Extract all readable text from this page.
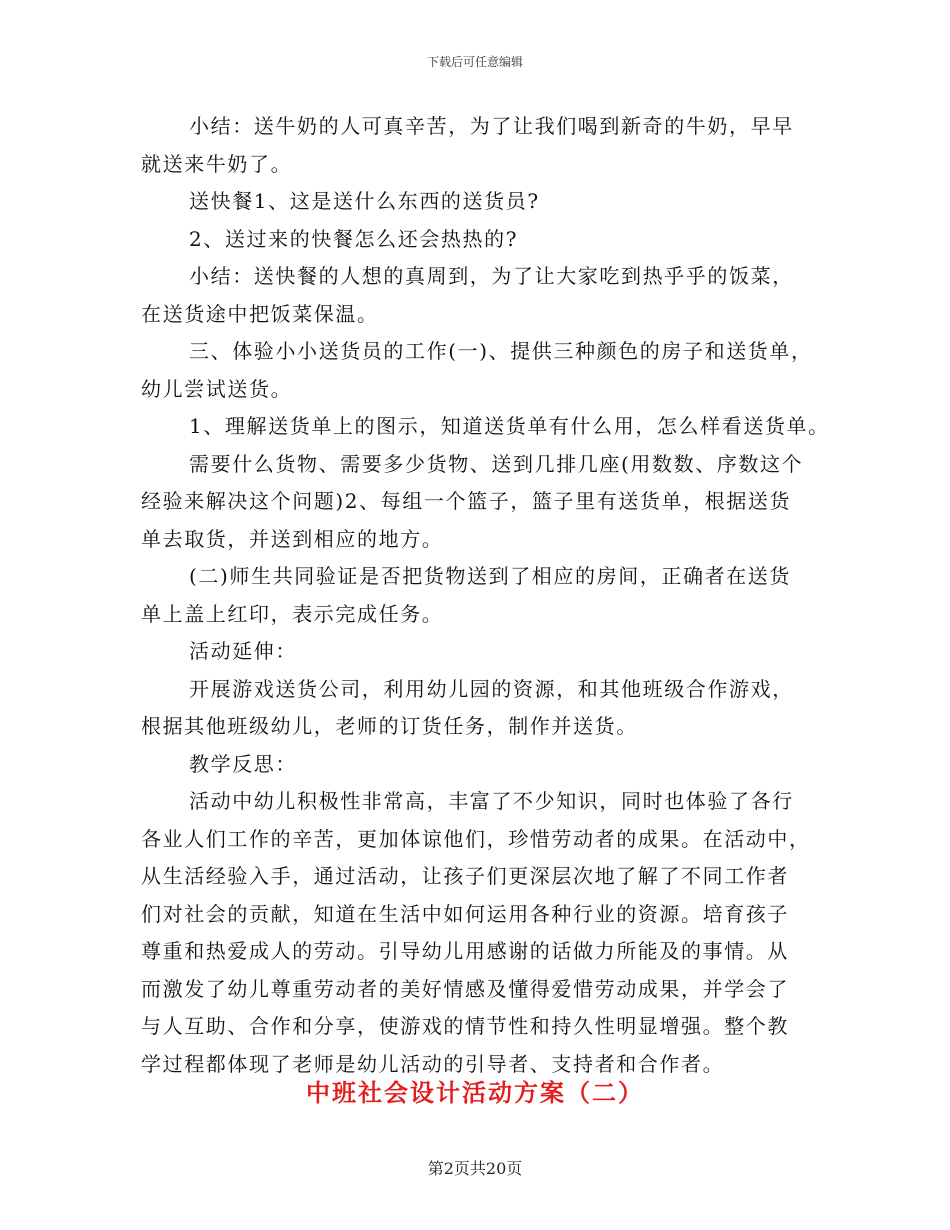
下载后可任意编辑
小结：送牛奶的人可真辛苦，为了让我们喝到新奇的牛奶，早早
就送来牛奶了。
送快餐1、这是送什么东西的送货员?
2、送过来的快餐怎么还会热热的?
小结：送快餐的人想的真周到，为了让大家吃到热乎乎的饭菜，
在送货途中把饭菜保温。
三、体验小小送货员的工作(一)、提供三种颜色的房子和送货单，
幼儿尝试送货。
1、理解送货单上的图示，知道送货单有什么用，怎么样看送货单。
需要什么货物、需要多少货物、送到几排几座(用数数、序数这个
经验来解决这个问题)2、每组一个篮子，篮子里有送货单，根据送货
单去取货，并送到相应的地方。
(二)师生共同验证是否把货物送到了相应的房间，正确者在送货
单上盖上红印，表示完成任务。
活动延伸：
开展游戏送货公司，利用幼儿园的资源，和其他班级合作游戏，
根据其他班级幼儿，老师的订货任务，制作并送货。
教学反思：
活动中幼儿积极性非常高，丰富了不少知识，同时也体验了各行
各业人们工作的辛苦，更加体谅他们，珍惜劳动者的成果。在活动中，
从生活经验入手，通过活动，让孩子们更深层次地了解了不同工作者
们对社会的贡献，知道在生活中如何运用各种行业的资源。培育孩子
尊重和热爱成人的劳动。引导幼儿用感谢的话做力所能及的事情。从
而激发了幼儿尊重劳动者的美好情感及懂得爱惜劳动成果，并学会了
与人互助、合作和分享，使游戏的情节性和持久性明显增强。整个教
学过程都体现了老师是幼儿活动的引导者、支持者和合作者。
中班社会设计活动方案（二）
第2页共20页
